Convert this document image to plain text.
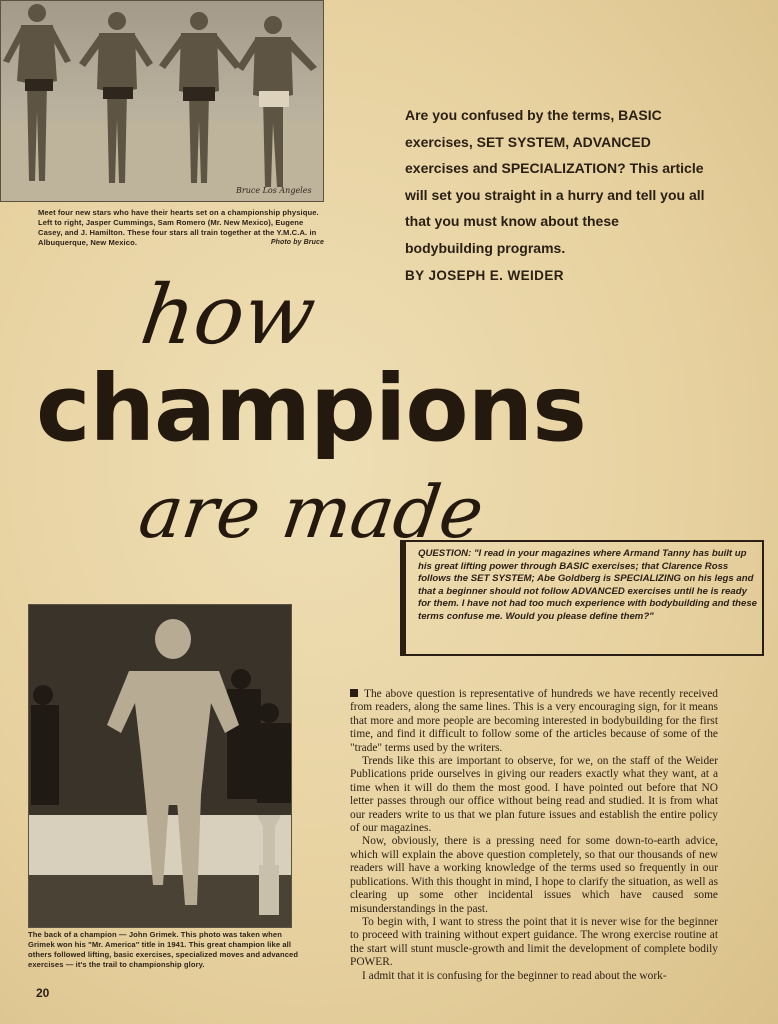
Bruce Los Angeles
Meet four new stars who have their hearts set on a championship physique. Left to right, Jasper Cummings, Sam Romero (Mr. New Mexico), Eugene Casey, and J. Hamilton. These four stars all train together at the Y.M.C.A. in Albuquerque, New Mexico.	Photo by Bruce
Are you confused by the terms, BASIC exercises, SET SYSTEM, ADVANCED exercises and SPECIALIZATION? This article will set you straight in a hurry and tell you all that you must know about these bodybuilding programs.
BY JOSEPH E. WEIDER
how
champions
are made
QUESTION: "I read in your magazines where Armand Tanny has built up his great lifting power through BASIC exercises; that Clarence Ross follows the SET SYSTEM; Abe Goldberg is SPECIALIZING on his legs and that a beginner should not follow ADVANCED exercises until he is ready for them. I have not had too much experience with bodybuilding and these terms confuse me. Would you please define them?"
The back of a champion — John Grimek. This photo was taken when Grimek won his "Mr. America" title in 1941. This great champion like all others followed lifting, basic exercises, specialized moves and advanced exercises — it's the trail to championship glory.

The above question is representative of hundreds we have recently received from readers, along the same lines. This is a very encouraging sign, for it means that more and more people are becoming interested in bodybuilding for the first time, and find it difficult to follow some of the articles because of some of the "trade" terms used by the writers.

Trends like this are important to observe, for we, on the staff of the Weider Publications pride ourselves in giving our readers exactly what they want, at a time when it will do them the most good. I have pointed out before that NO letter passes through our office without being read and studied. It is from what our readers write to us that we plan future issues and establish the entire policy of our magazines.

Now, obviously, there is a pressing need for some down-to-earth advice, which will explain the above question completely, so that our thousands of new readers will have a working knowledge of the terms used so frequently in our publications. With this thought in mind, I hope to clarify the situation, as well as clearing up some other incidental issues which have caused some misunderstandings in the past.

To begin with, I want to stress the point that it is never wise for the beginner to proceed with training without expert guidance. The wrong exercise routine at the start will stunt muscle-growth and limit the development of complete bodily POWER.

I admit that it is confusing for the beginner to read about the work-

20
